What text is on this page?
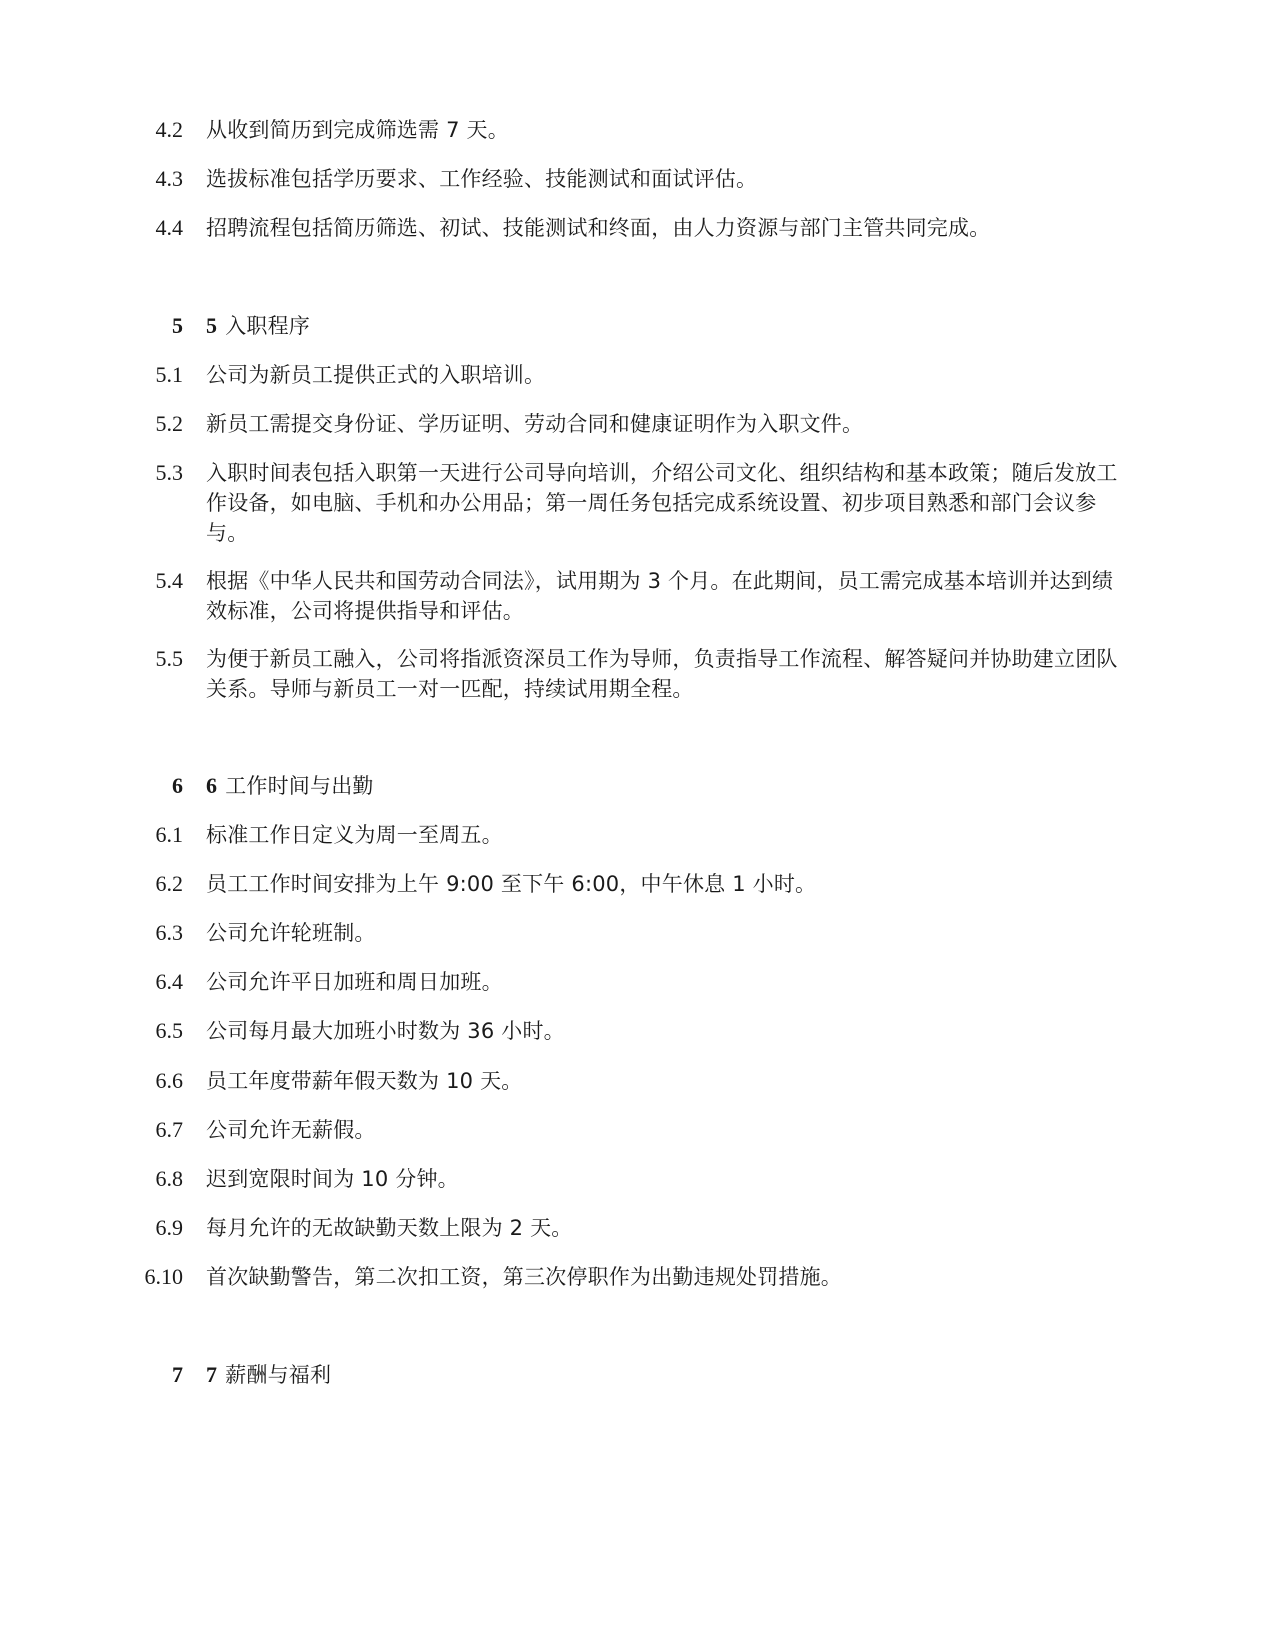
4.2 从收到简历到完成筛选需 7 天。
4.3 选拔标准包括学历要求、工作经验、技能测试和面试评估。
4.4 招聘流程包括简历筛选、初试、技能测试和终面，由人力资源与部门主管共同完成。
5 5 入职程序
5.1 公司为新员工提供正式的入职培训。
5.2 新员工需提交身份证、学历证明、劳动合同和健康证明作为入职文件。
5.3 入职时间表包括入职第一天进行公司导向培训，介绍公司文化、组织结构和基本政策；随后发放工作设备，如电脑、手机和办公用品；第一周任务包括完成系统设置、初步项目熟悉和部门会议参与。
5.4 根据《中华人民共和国劳动合同法》，试用期为 3 个月。在此期间，员工需完成基本培训并达到绩效标准，公司将提供指导和评估。
5.5 为便于新员工融入，公司将指派资深员工作为导师，负责指导工作流程、解答疑问并协助建立团队关系。导师与新员工一对一匹配，持续试用期全程。
6 6 工作时间与出勤
6.1 标准工作日定义为周一至周五。
6.2 员工工作时间安排为上午 9:00 至下午 6:00，中午休息 1 小时。
6.3 公司允许轮班制。
6.4 公司允许平日加班和周日加班。
6.5 公司每月最大加班小时数为 36 小时。
6.6 员工年度带薪年假天数为 10 天。
6.7 公司允许无薪假。
6.8 迟到宽限时间为 10 分钟。
6.9 每月允许的无故缺勤天数上限为 2 天。
6.10 首次缺勤警告，第二次扣工资，第三次停职作为出勤违规处罚措施。
7 7 薪酬与福利
